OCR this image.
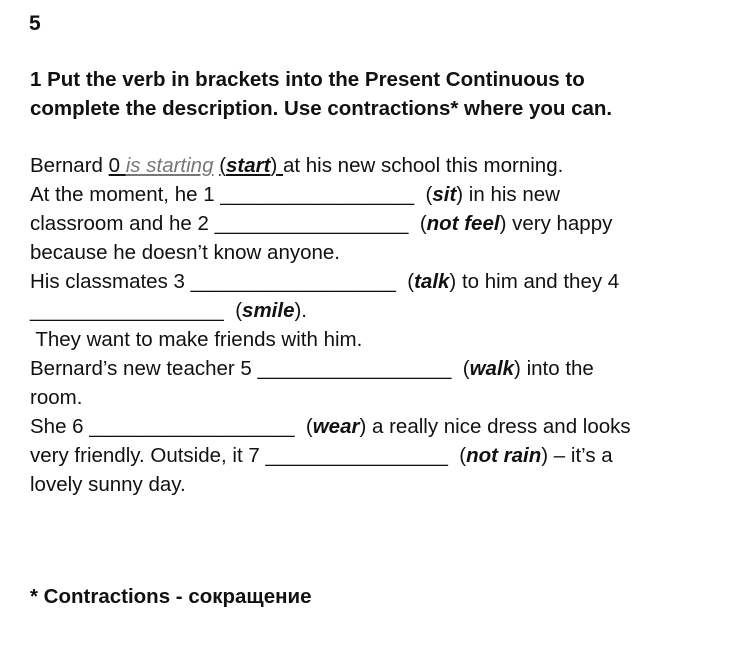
5
1 Put the verb in brackets into the Present Continuous to
complete the description. Use contractions* where you can.
Bernard 0 is starting (start) at his new school this morning.
At the moment, he 1 _________________  (sit) in his new
classroom and he 2 _________________  (not feel) very happy
because he doesn’t know anyone.
His classmates 3 __________________  (talk) to him and they 4
_________________  (smile).
They want to make friends with him.
Bernard’s new teacher 5 _________________  (walk) into the
room.
She 6 __________________  (wear) a really nice dress and looks
very friendly. Outside, it 7 ________________  (not rain) – it’s a
lovely sunny day.
* Contractions - сокращение
